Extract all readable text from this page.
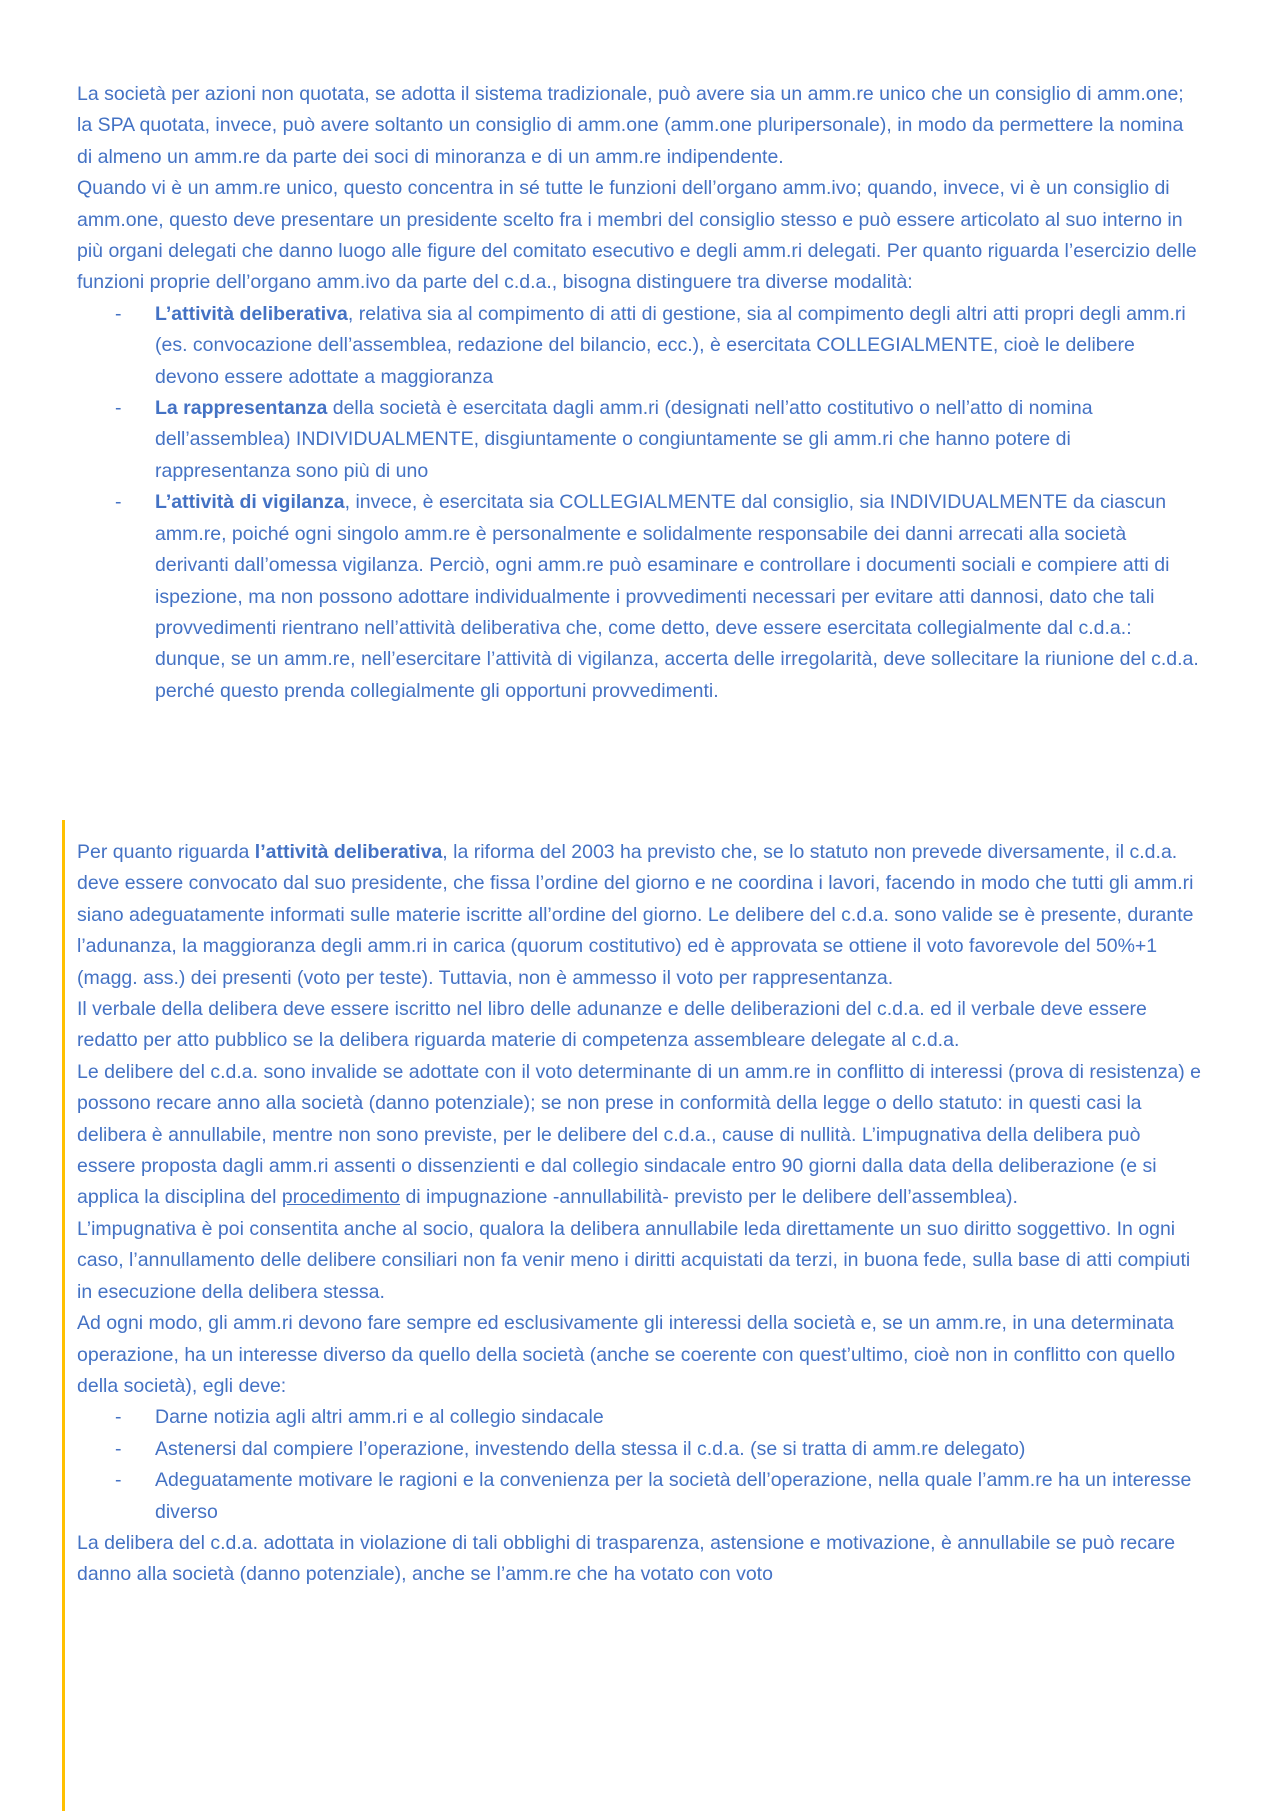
La società per azioni non quotata, se adotta il sistema tradizionale, può avere sia un amm.re unico che un consiglio di amm.one; la SPA quotata, invece, può avere soltanto un consiglio di amm.one (amm.one pluripersonale), in modo da permettere la nomina di almeno un amm.re da parte dei soci di minoranza e di un amm.re indipendente.

Quando vi è un amm.re unico, questo concentra in sé tutte le funzioni dell’organo amm.ivo; quando, invece, vi è un consiglio di amm.one, questo deve presentare un presidente scelto fra i membri del consiglio stesso e può essere articolato al suo interno in più organi delegati che danno luogo alle figure del comitato esecutivo e degli amm.ri delegati. Per quanto riguarda l’esercizio delle funzioni proprie dell’organo amm.ivo da parte del c.d.a., bisogna distinguere tra diverse modalità:

- L’attività deliberativa, relativa sia al compimento di atti di gestione, sia al compimento degli altri atti propri degli amm.ri (es. convocazione dell’assemblea, redazione del bilancio, ecc.), è esercitata COLLEGIALMENTE, cioè le delibere devono essere adottate a maggioranza
- La rappresentanza della società è esercitata dagli amm.ri (designati nell’atto costitutivo o nell’atto di nomina dell’assemblea) INDIVIDUALMENTE, disgiuntamente o congiuntamente se gli amm.ri che hanno potere di rappresentanza sono più di uno
- L’attività di vigilanza, invece, è esercitata sia COLLEGIALMENTE dal consiglio, sia INDIVIDUALMENTE da ciascun amm.re, poiché ogni singolo amm.re è personalmente e solidalmente responsabile dei danni arrecati alla società derivanti dall’omessa vigilanza. Perciò, ogni amm.re può esaminare e controllare i documenti sociali e compiere atti di ispezione, ma non possono adottare individualmente i provvedimenti necessari per evitare atti dannosi, dato che tali provvedimenti rientrano nell’attività deliberativa che, come detto, deve essere esercitata collegialmente dal c.d.a.: dunque, se un amm.re, nell’esercitare l’attività di vigilanza, accerta delle irregolarità, deve sollecitare la riunione del c.d.a. perché questo prenda collegialmente gli opportuni provvedimenti.

Per quanto riguarda l’attività deliberativa, la riforma del 2003 ha previsto che, se lo statuto non prevede diversamente, il c.d.a. deve essere convocato dal suo presidente, che fissa l’ordine del giorno e ne coordina i lavori, facendo in modo che tutti gli amm.ri siano adeguatamente informati sulle materie iscritte all’ordine del giorno. Le delibere del c.d.a. sono valide se è presente, durante l’adunanza, la maggioranza degli amm.ri in carica (quorum costitutivo) ed è approvata se ottiene il voto favorevole del 50%+1 (magg. ass.) dei presenti (voto per teste). Tuttavia, non è ammesso il voto per rappresentanza.

Il verbale della delibera deve essere iscritto nel libro delle adunanze e delle deliberazioni del c.d.a. ed il verbale deve essere redatto per atto pubblico se la delibera riguarda materie di competenza assembleare delegate al c.d.a.

Le delibere del c.d.a. sono invalide se adottate con il voto determinante di un amm.re in conflitto di interessi (prova di resistenza) e possono recare anno alla società (danno potenziale); se non prese in conformità della legge o dello statuto: in questi casi la delibera è annullabile, mentre non sono previste, per le delibere del c.d.a., cause di nullità. L’impugnativa della delibera può essere proposta dagli amm.ri assenti o dissenzienti e dal collegio sindacale entro 90 giorni dalla data della deliberazione (e si applica la disciplina del procedimento di impugnazione -annullabilità- previsto per le delibere dell’assemblea).

L’impugnativa è poi consentita anche al socio, qualora la delibera annullabile leda direttamente un suo diritto soggettivo. In ogni caso, l’annullamento delle delibere consiliari non fa venir meno i diritti acquistati da terzi, in buona fede, sulla base di atti compiuti in esecuzione della delibera stessa.

Ad ogni modo, gli amm.ri devono fare sempre ed esclusivamente gli interessi della società e, se un amm.re, in una determinata operazione, ha un interesse diverso da quello della società (anche se coerente con quest’ultimo, cioè non in conflitto con quello della società), egli deve:

- Darne notizia agli altri amm.ri e al collegio sindacale
- Astenersi dal compiere l’operazione, investendo della stessa il c.d.a. (se si tratta di amm.re delegato)
- Adeguatamente motivare le ragioni e la convenienza per la società dell’operazione, nella quale l’amm.re ha un interesse diverso

La delibera del c.d.a. adottata in violazione di tali obblighi di trasparenza, astensione e motivazione, è annullabile se può recare danno alla società (danno potenziale), anche se l’amm.re che ha votato con voto
